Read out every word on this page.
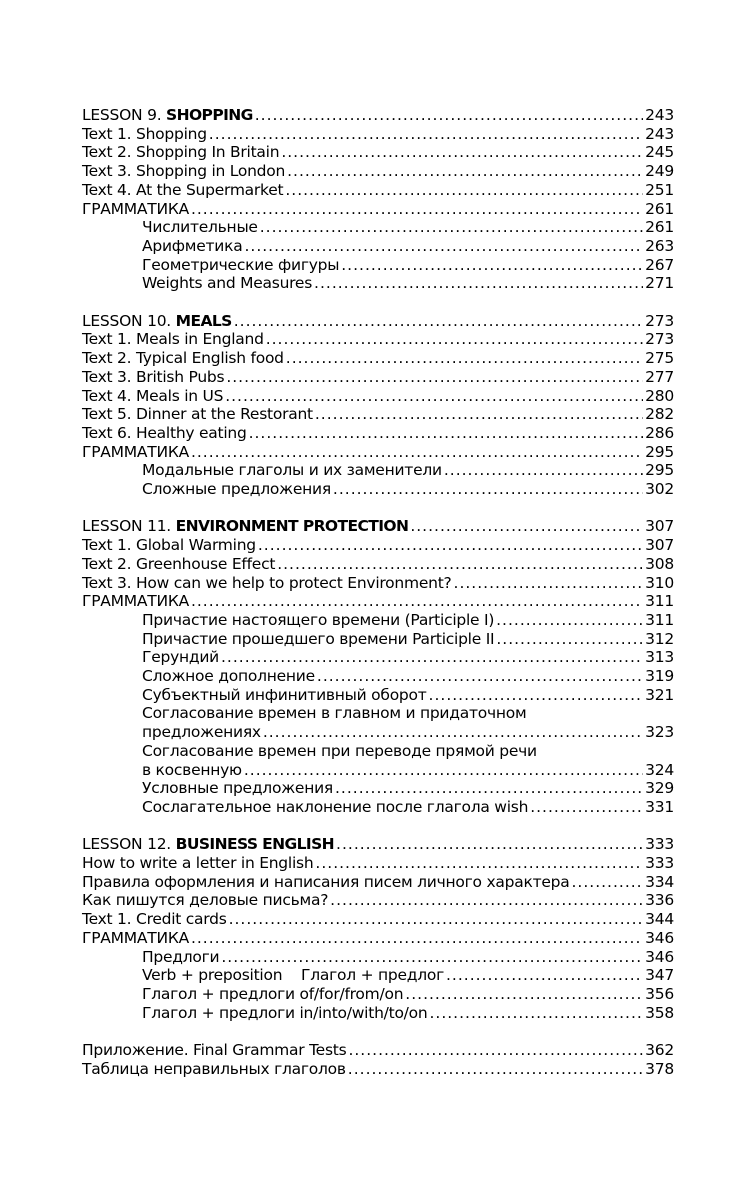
LESSON 9. SHOPPING .....	243
Text 1. Shopping .....	243
Text 2. Shopping In Britain .....	245
Text 3. Shopping in London .....	249
Text 4. At the Supermarket .....	251
ГРАММАТИКА .....	261
Числительные .....	261
Арифметика .....	263
Геометрические фигуры .....	267
Weights and Measures .....	271
LESSON 10. MEALS .....	273
Text 1. Meals in England .....	273
Text 2. Typical English food .....	275
Text 3. British Pubs .....	277
Text 4. Meals in US .....	280
Text 5. Dinner at the Restorant .....	282
Text 6. Healthy eating .....	286
ГРАММАТИКА .....	295
Модальные глаголы и их заменители .....	295
Сложные предложения .....	302
LESSON 11. ENVIRONMENT PROTECTION .....	307
Text 1. Global Warming .....	307
Text 2. Greenhouse Effect .....	308
Text 3. How can we help to protect Environment? .....	310
ГРАММАТИКА .....	311
Причастие настоящего времени (Participle I) .....	311
Причастие прошедшего времени Participle II .....	312
Герундий .....	313
Сложное дополнение .....	319
Субъектный инфинитивный оборот .....	321
Согласование времен в главном и придаточном
предложениях .....	323
Согласование времен при переводе прямой речи
в косвенную .....	324
Условные предложения .....	329
Сослагательное наклонение после глагола wish .....	331
LESSON 12. BUSINESS ENGLISH .....	333
How to write a letter in English .....	333
Правила оформления и написания писем личного характера .....	334
Как пишутся деловые письма? .....	336
Text 1. Credit cards .....	344
ГРАММАТИКА .....	346
Предлоги .....	346
Verb + preposition    Глагол + предлог .....	347
Глагол + предлоги of/for/from/on .....	356
Глагол + предлоги in/into/with/to/on .....	358
Приложение. Final Grammar Tests .....	362
Таблица неправильных глаголов .....	378
